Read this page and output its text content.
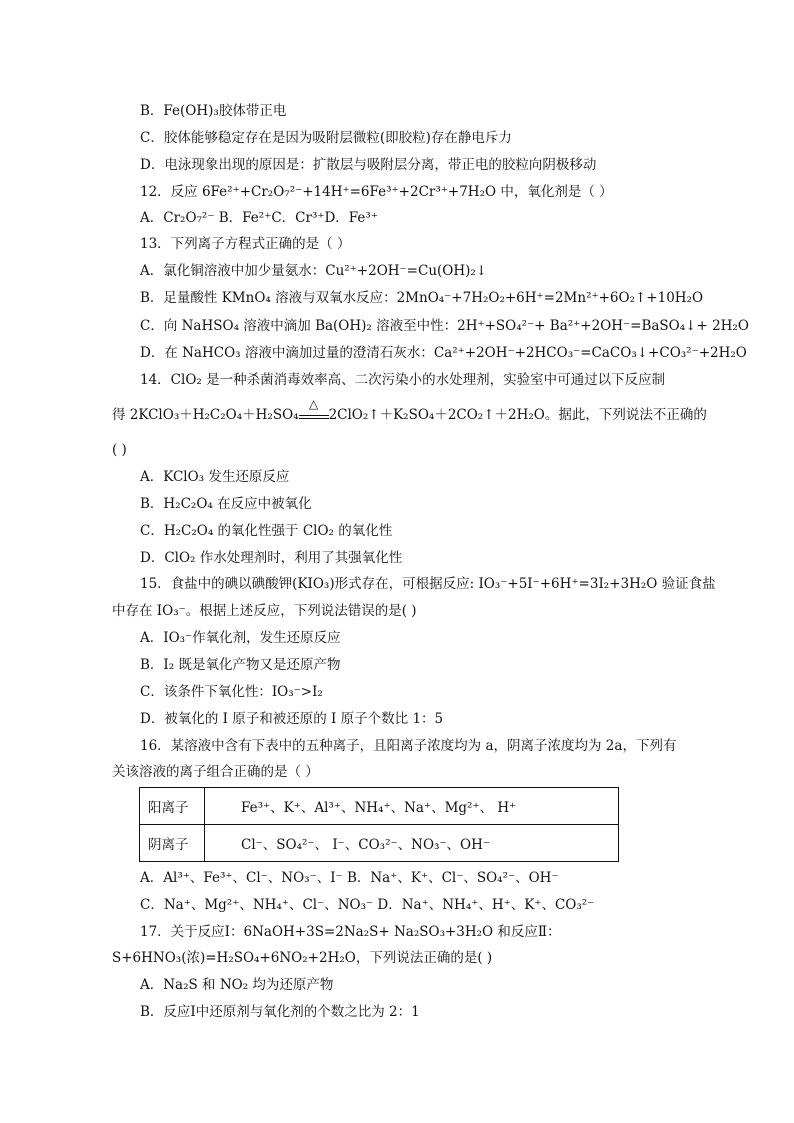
B．Fe(OH)₃胶体带正电
C．胶体能够稳定存在是因为吸附层微粒(即胶粒)存在静电斥力
D．电泳现象出现的原因是：扩散层与吸附层分离，带正电的胶粒向阴极移动
12．反应 6Fe²⁺+Cr₂O₇²⁻+14H⁺=6Fe³⁺+2Cr³⁺+7H₂O 中，氧化剂是（ ）
A．Cr₂O₇²⁻ B．Fe²⁺C．Cr³⁺D．Fe³⁺
13．下列离子方程式正确的是（ ）
A．氯化铜溶液中加少量氨水：Cu²⁺+2OH⁻=Cu(OH)₂↓
B．足量酸性 KMnO₄ 溶液与双氧水反应：2MnO₄⁻+7H₂O₂+6H⁺=2Mn²⁺+6O₂↑+10H₂O
C．向 NaHSO₄ 溶液中滴加 Ba(OH)₂ 溶液至中性：2H⁺+SO₄²⁻+ Ba²⁺+2OH⁻=BaSO₄↓+ 2H₂O
D．在 NaHCO₃ 溶液中滴加过量的澄清石灰水：Ca²⁺+2OH⁻+2HCO₃⁻=CaCO₃↓+CO₃²⁻+2H₂O
14．ClO₂ 是一种杀菌消毒效率高、二次污染小的水处理剂，实验室中可通过以下反应制
得 2KClO₃＋H₂C₂O₄＋H₂SO₄
△
2ClO₂↑＋K₂SO₄＋2CO₂↑＋2H₂O。据此，下列说法不正确的
( )
A．KClO₃ 发生还原反应
B．H₂C₂O₄ 在反应中被氧化
C．H₂C₂O₄ 的氧化性强于 ClO₂ 的氧化性
D．ClO₂ 作水处理剂时，利用了其强氧化性
15．食盐中的碘以碘酸钾(KIO₃)形式存在，可根据反应: IO₃⁻+5I⁻+6H⁺=3I₂+3H₂O 验证食盐
中存在 IO₃⁻。根据上述反应，下列说法错误的是( )
A．IO₃⁻作氧化剂，发生还原反应
B．I₂ 既是氧化产物又是还原产物
C．该条件下氧化性：IO₃⁻>I₂
D．被氧化的 I 原子和被还原的 I 原子个数比 1：5
16．某溶液中含有下表中的五种离子，且阳离子浓度均为 a，阴离子浓度均为 2a，下列有
关该溶液的离子组合正确的是（ ）
阳离子	Fe³⁺、K⁺、Al³⁺、NH₄⁺、Na⁺、Mg²⁺、 H⁺
阴离子	Cl⁻、SO₄²⁻、 I⁻、CO₃²⁻、NO₃⁻、OH⁻
A．Al³⁺、Fe³⁺、Cl⁻、NO₃⁻、I⁻ B．Na⁺、K⁺、Cl⁻、SO₄²⁻、OH⁻
C．Na⁺、Mg²⁺、NH₄⁺、Cl⁻、NO₃⁻ D．Na⁺、NH₄⁺、H⁺、K⁺、CO₃²⁻
17．关于反应Ⅰ：6NaOH+3S=2Na₂S+ Na₂SO₃+3H₂O 和反应Ⅱ：
S+6HNO₃(浓)=H₂SO₄+6NO₂+2H₂O，下列说法正确的是( )
A．Na₂S 和 NO₂ 均为还原产物
B．反应Ⅰ中还原剂与氧化剂的个数之比为 2：1
